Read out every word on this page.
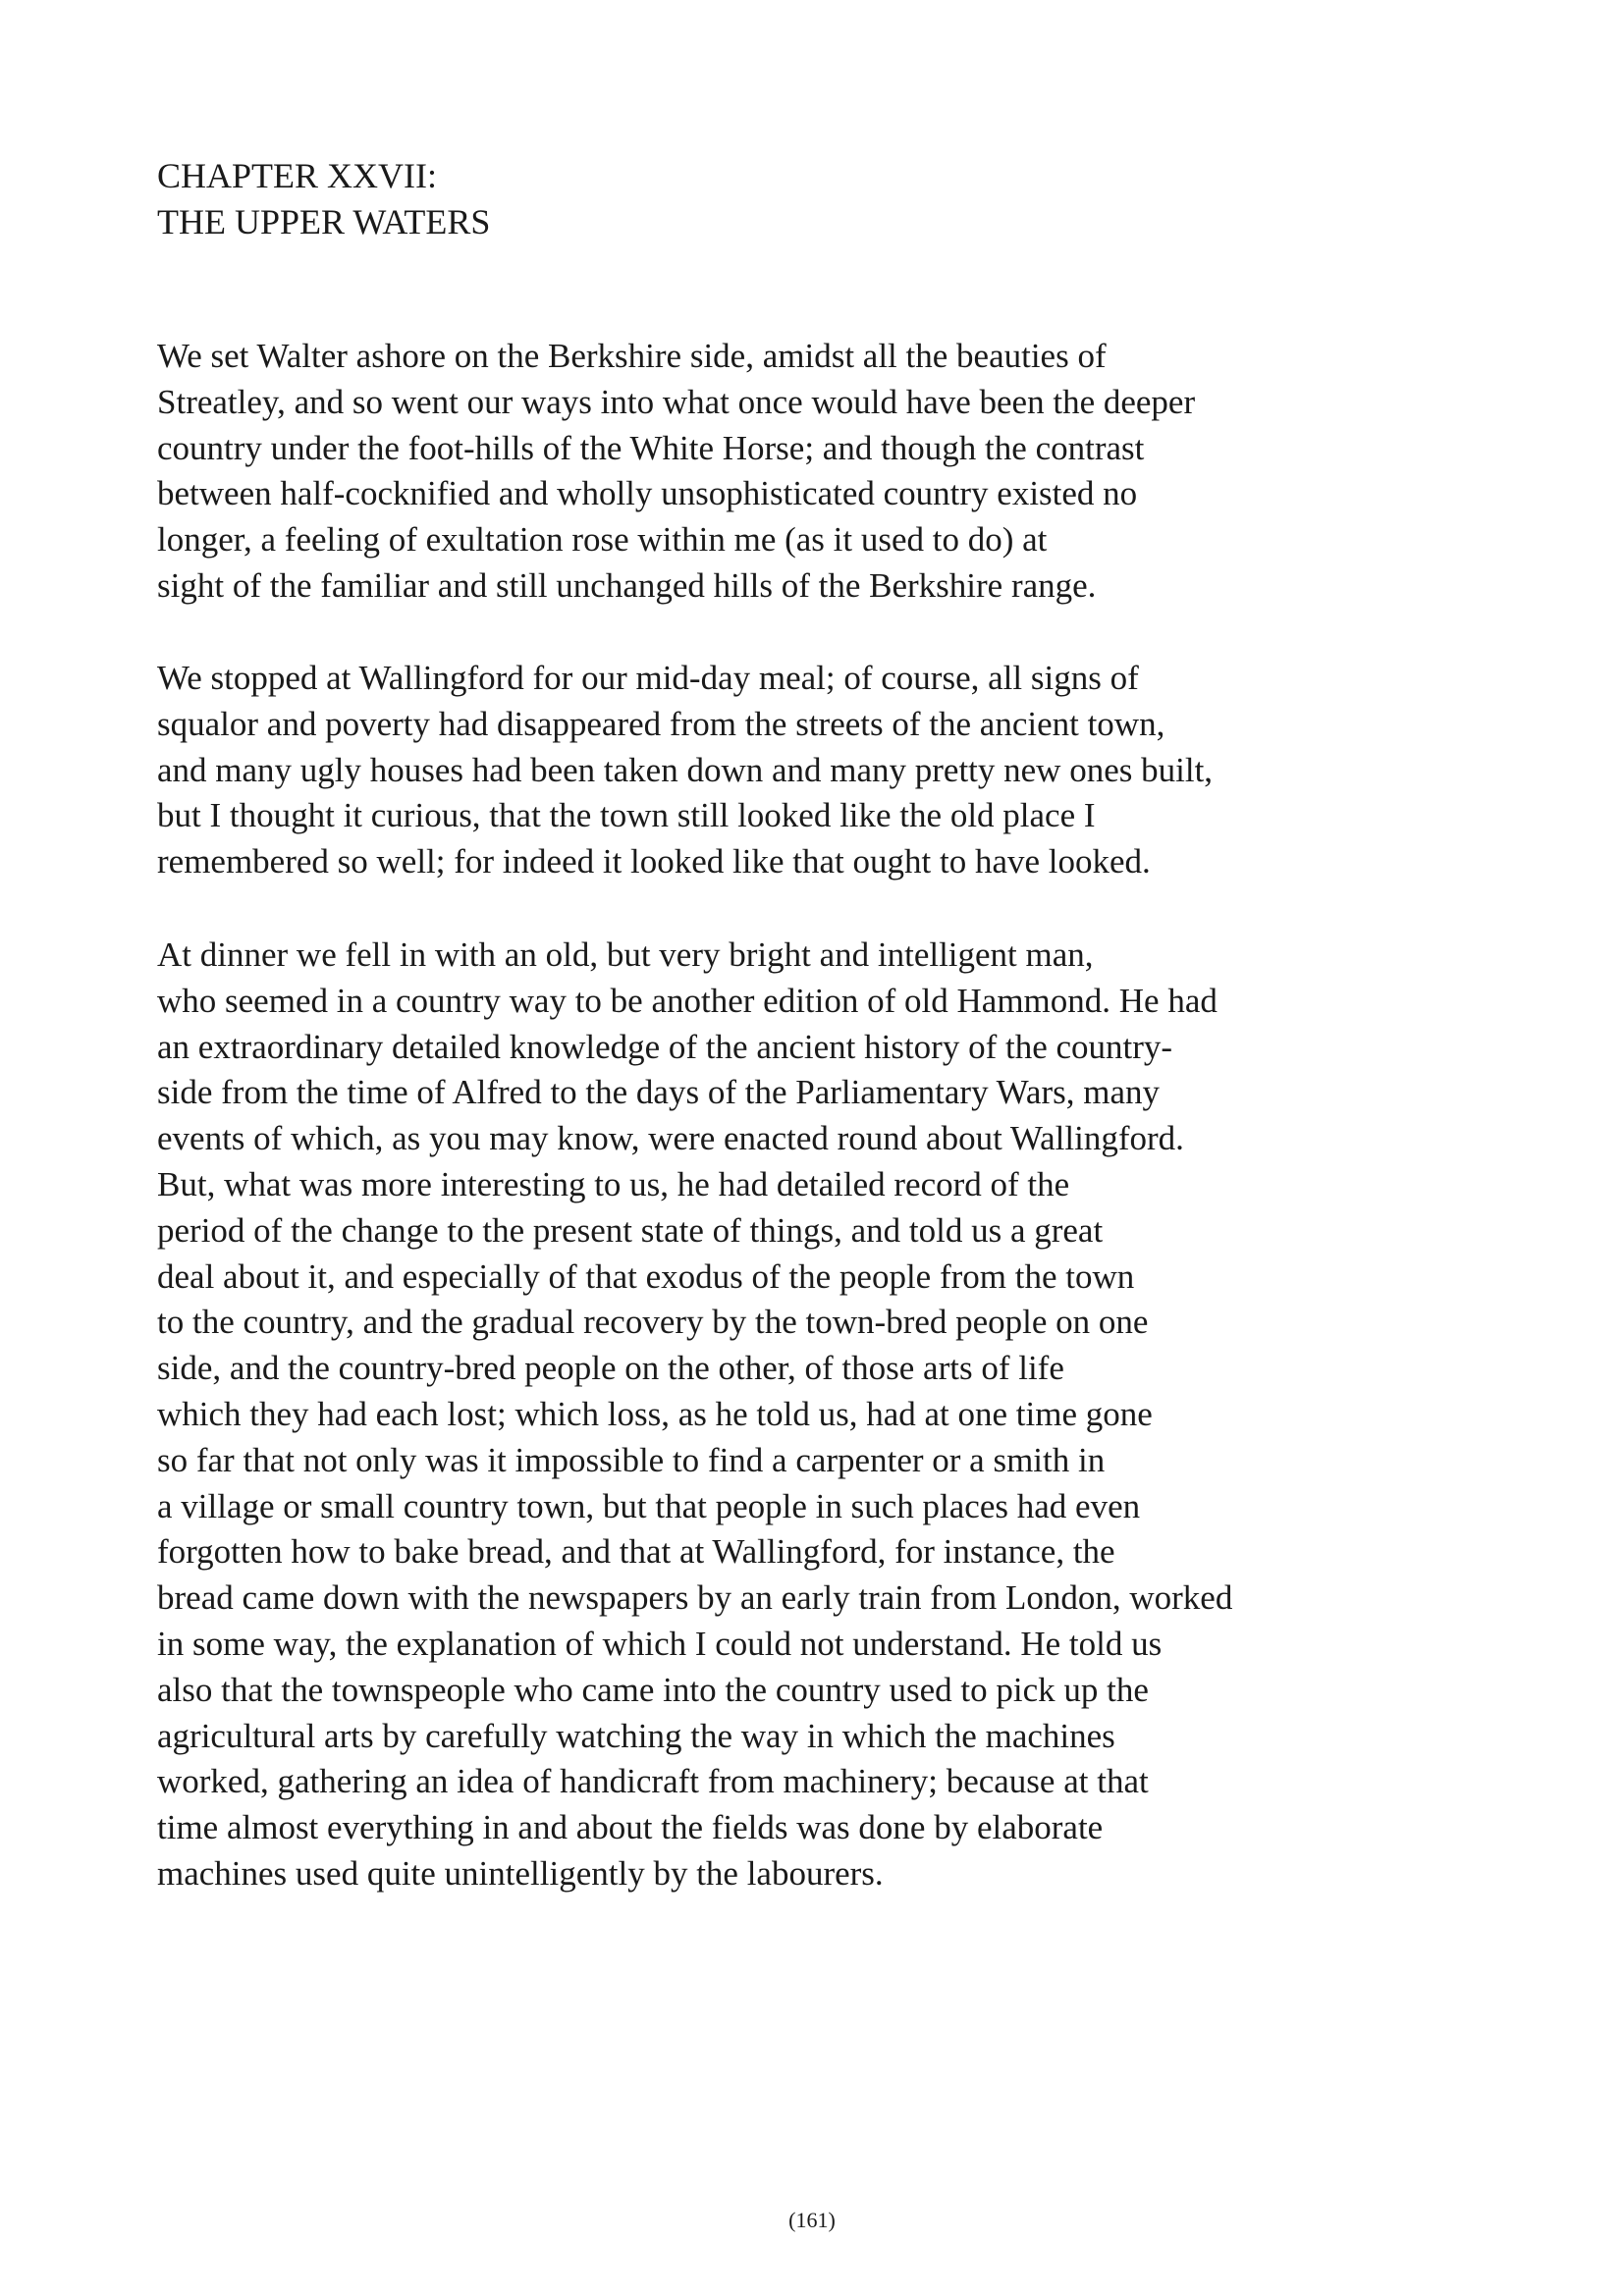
CHAPTER XXVII:
THE UPPER WATERS

We set Walter ashore on the Berkshire side, amidst all the beauties of
Streatley, and so went our ways into what once would have been the deeper
country under the foot-hills of the White Horse; and though the contrast
between half-cocknified and wholly unsophisticated country existed no
longer, a feeling of exultation rose within me (as it used to do) at
sight of the familiar and still unchanged hills of the Berkshire range.

We stopped at Wallingford for our mid-day meal; of course, all signs of
squalor and poverty had disappeared from the streets of the ancient town,
and many ugly houses had been taken down and many pretty new ones built,
but I thought it curious, that the town still looked like the old place I
remembered so well; for indeed it looked like that ought to have looked.

At dinner we fell in with an old, but very bright and intelligent man,
who seemed in a country way to be another edition of old Hammond. He had
an extraordinary detailed knowledge of the ancient history of the country-
side from the time of Alfred to the days of the Parliamentary Wars, many
events of which, as you may know, were enacted round about Wallingford.
But, what was more interesting to us, he had detailed record of the
period of the change to the present state of things, and told us a great
deal about it, and especially of that exodus of the people from the town
to the country, and the gradual recovery by the town-bred people on one
side, and the country-bred people on the other, of those arts of life
which they had each lost; which loss, as he told us, had at one time gone
so far that not only was it impossible to find a carpenter or a smith in
a village or small country town, but that people in such places had even
forgotten how to bake bread, and that at Wallingford, for instance, the
bread came down with the newspapers by an early train from London, worked
in some way, the explanation of which I could not understand. He told us
also that the townspeople who came into the country used to pick up the
agricultural arts by carefully watching the way in which the machines
worked, gathering an idea of handicraft from machinery; because at that
time almost everything in and about the fields was done by elaborate
machines used quite unintelligently by the labourers.

(161)
